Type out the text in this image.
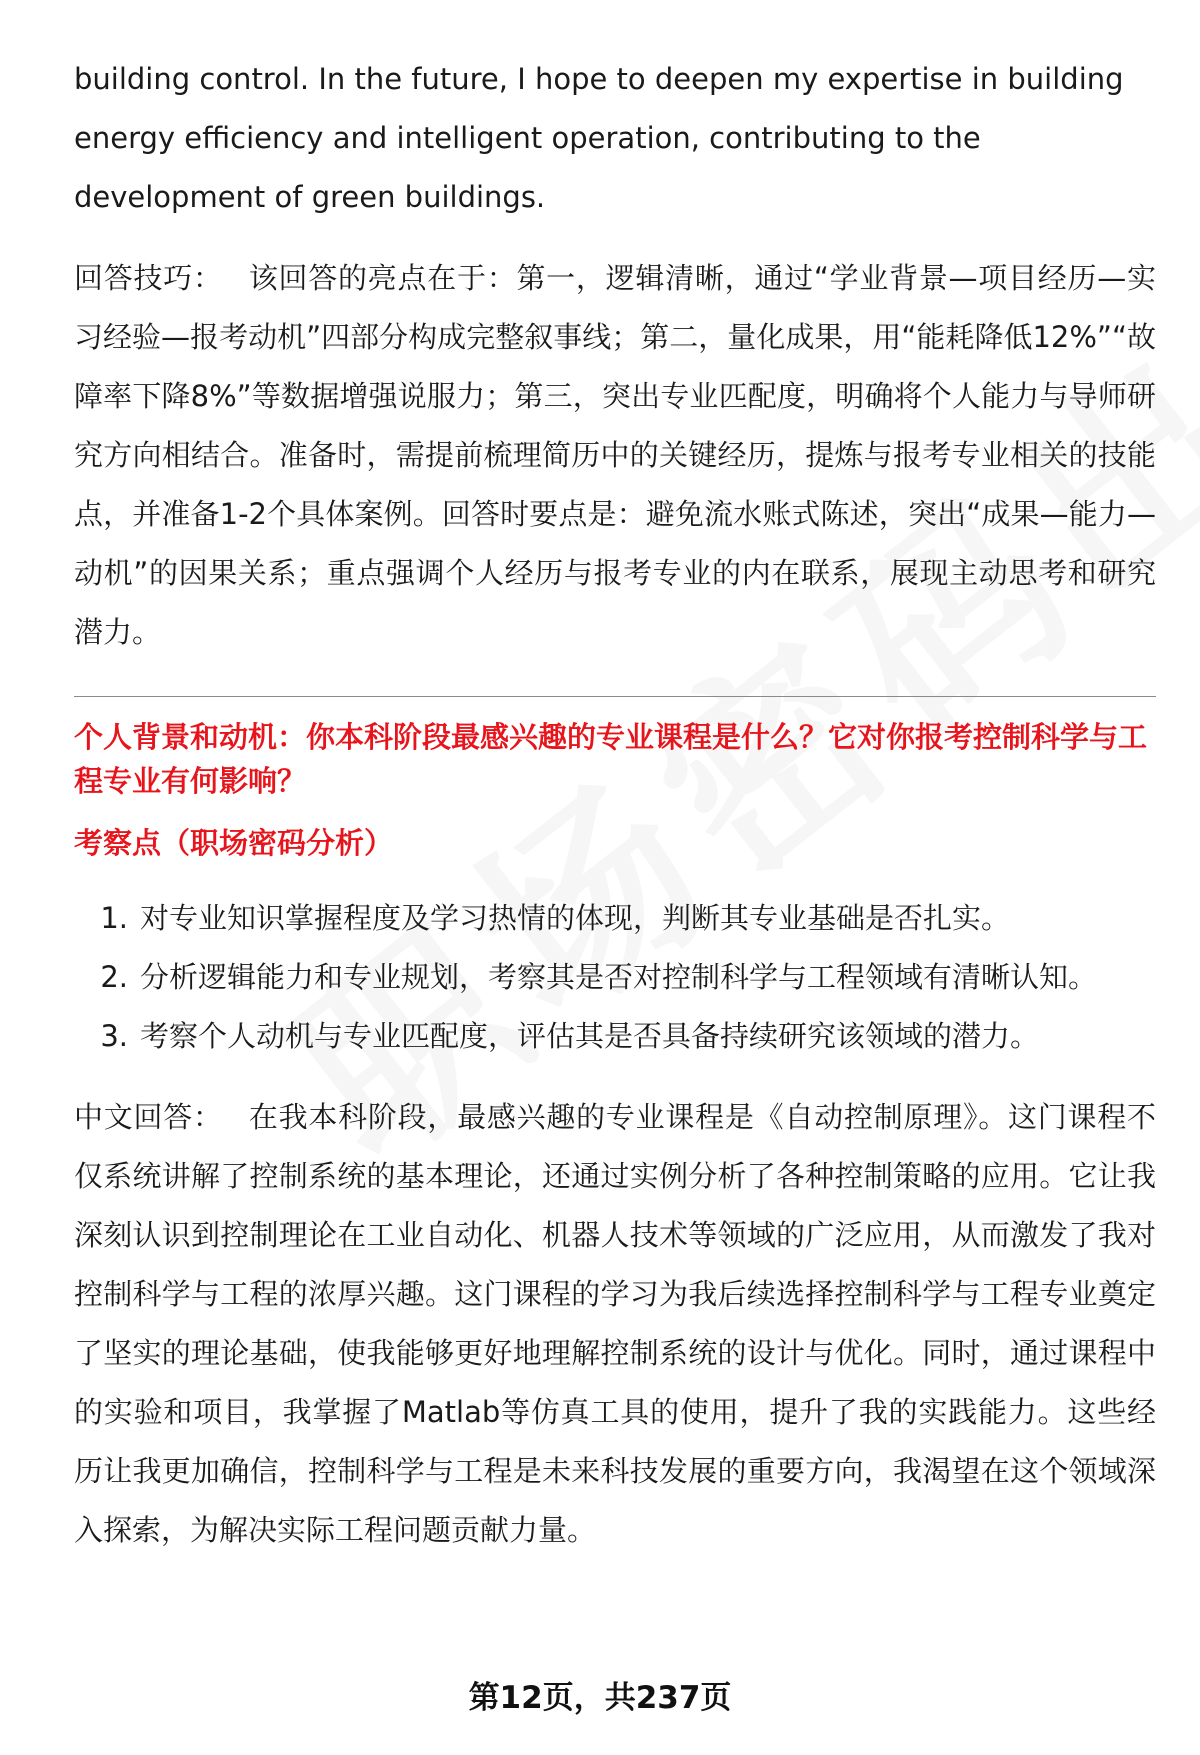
building control. In the future, I hope to deepen my expertise in building energy efficiency and intelligent operation, contributing to the development of green buildings.

回答技巧： 该回答的亮点在于：第一，逻辑清晰，通过“学业背景—项目经历—实习经验—报考动机”四部分构成完整叙事线；第二，量化成果，用“能耗降低12%”“故障率下降8%”等数据增强说服力；第三，突出专业匹配度，明确将个人能力与导师研究方向相结合。准备时，需提前梳理简历中的关键经历，提炼与报考专业相关的技能点，并准备1-2个具体案例。回答时要点是：避免流水账式陈述，突出“成果—能力—动机”的因果关系；重点强调个人经历与报考专业的内在联系，展现主动思考和研究潜力。

个人背景和动机：你本科阶段最感兴趣的专业课程是什么？它对你报考控制科学与工程专业有何影响？

考察点（职场密码分析）

1. 对专业知识掌握程度及学习热情的体现，判断其专业基础是否扎实。
2. 分析逻辑能力和专业规划，考察其是否对控制科学与工程领域有清晰认知。
3. 考察个人动机与专业匹配度，评估其是否具备持续研究该领域的潜力。

中文回答： 在我本科阶段，最感兴趣的专业课程是《自动控制原理》。这门课程不仅系统讲解了控制系统的基本理论，还通过实例分析了各种控制策略的应用。它让我深刻认识到控制理论在工业自动化、机器人技术等领域的广泛应用，从而激发了我对控制科学与工程的浓厚兴趣。这门课程的学习为我后续选择控制科学与工程专业奠定了坚实的理论基础，使我能够更好地理解控制系统的设计与优化。同时，通过课程中的实验和项目，我掌握了Matlab等仿真工具的使用，提升了我的实践能力。这些经历让我更加确信，控制科学与工程是未来科技发展的重要方向，我渴望在这个领域深入探索，为解决实际工程问题贡献力量。

第12页，共237页
